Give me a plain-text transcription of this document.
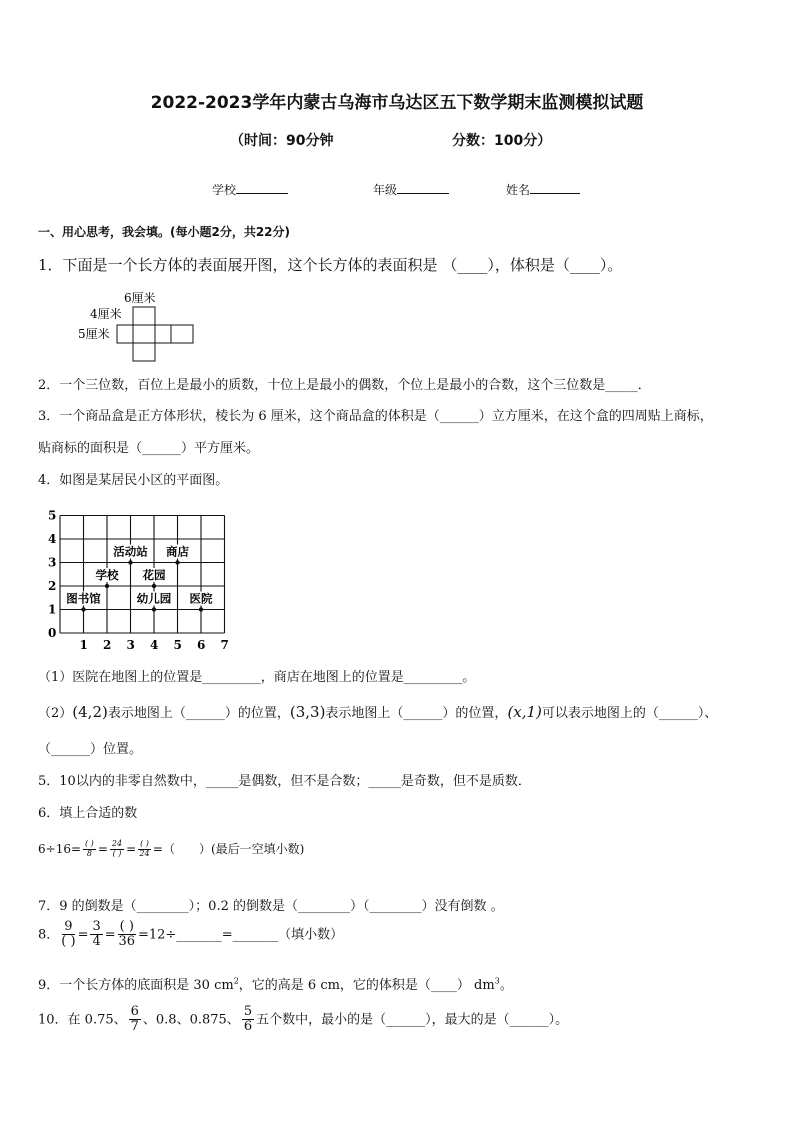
2022-2023学年内蒙古乌海市乌达区五下数学期末监测模拟试题
（时间：90分钟	分数：100分）
学校	年级	姓名
一、用心思考，我会填。(每小题2分，共22分)
1．下面是一个长方体的表面展开图，这个长方体的表面积是 （____），体积是（____）。
6厘米
4厘米
5厘米
2．一个三位数，百位上是最小的质数，十位上是最小的偶数，个位上是最小的合数，这个三位数是_____．
3．一个商品盒是正方体形状，棱长为 6 厘米，这个商品盒的体积是（______）立方厘米，在这个盒的四周贴上商标，
贴商标的面积是（______）平方厘米。
4．如图是某居民小区的平面图。
0
1
2
3
4
5
1 2 3 4 5 6 7
图书馆
学校
活动站 商店
花园
幼儿园 医院
（1）医院在地图上的位置是_________，商店在地图上的位置是_________。
（2）(4,2)表示地图上（______）的位置，(3,3)表示地图上（______）的位置，(x,1)可以表示地图上的（______）、
（______）位置。
5．10以内的非零自然数中，_____是偶数，但不是合数；_____是奇数，但不是质数．
6．填上合适的数
$6\div 16= \frac{( )}{8} = \frac{24}{( )} = \frac{( )}{24}$ =（　　）(最后一空填小数)
7．9 的倒数是（________）；0.2 的倒数是（________）（________）没有倒数 。
8． $\frac{9}{( )} = \frac{3}{4} = \frac{( )}{36}$ =12÷_______=_______（填小数）
9．一个长方体的底面积是 30 $cm^2$，它的高是 6 cm，它的体积是（____） $dm^3$。
10．在 0.75、 $\frac{6}{7}$ 、0.8、0.875、 $\frac{5}{6}$ 五个数中，最小的是（______），最大的是（______）。
